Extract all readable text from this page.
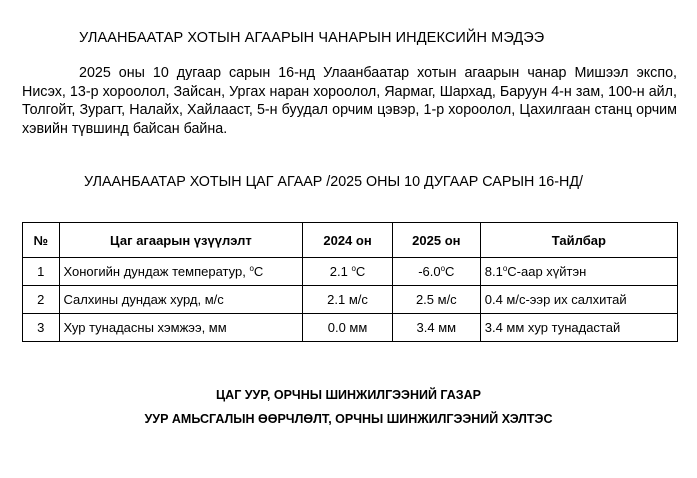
УЛААНБААТАР ХОТЫН АГААРЫН ЧАНАРЫН ИНДЕКСИЙН МЭДЭЭ

2025 оны 10 дугаар сарын 16-нд Улаанбаатар хотын агаарын чанар Мишээл экспо, Нисэх, 13-р хороолол, Зайсан, Ургах наран хороолол, Яармаг, Шархад, Баруун 4-н зам, 100-н айл, Толгойт, Зурагт, Налайх, Хайлааст, 5-н буудал орчим цэвэр, 1-р хороолол, Цахилгаан станц орчим хэвийн түвшинд байсан байна.

УЛААНБААТАР ХОТЫН ЦАГ АГААР /2025 ОНЫ 10 ДУГААР САРЫН 16-НД/
№	Цаг агаарын үзүүлэлт	2024 он	2025 он	Тайлбар
1	Хоногийн дундаж температур, $^o$С	2.1 $^o$С	-6.0$^o$С	8.1$^o$С-аар хүйтэн
2	Салхины дундаж хурд, м/с	2.1 м/с	2.5 м/с	0.4 м/с-ээр их салхитай
3	Хур тунадасны хэмжээ, мм	0.0 мм	3.4 мм	3.4 мм хур тунадастай
ЦАГ УУР, ОРЧНЫ ШИНЖИЛГЭЭНИЙ ГАЗАР
УУР АМЬСГАЛЫН ӨӨРЧЛӨЛТ, ОРЧНЫ ШИНЖИЛГЭЭНИЙ ХЭЛТЭС
